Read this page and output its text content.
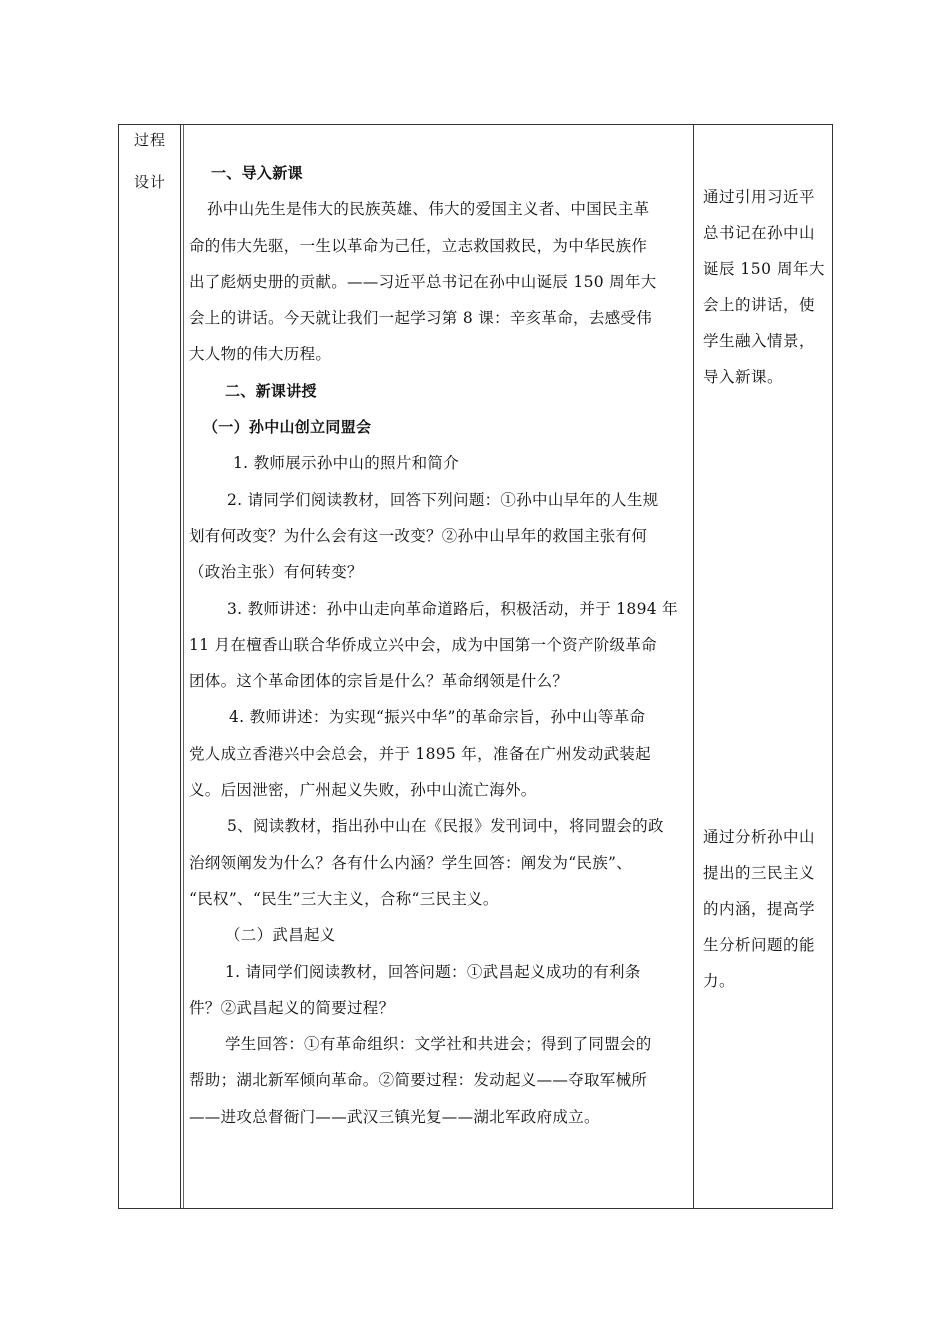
过程
设计	一、导入新课
孙中山先生是伟大的民族英雄、伟大的爱国主义者、中国民主革
命的伟大先驱，一生以革命为己任，立志救国救民，为中华民族作
出了彪炳史册的贡献。——习近平总书记在孙中山诞辰 150 周年大
会上的讲话。今天就让我们一起学习第 8 课：辛亥革命，去感受伟
大人物的伟大历程。
二、新课讲授
（一）孙中山创立同盟会
1. 教师展示孙中山的照片和简介
2. 请同学们阅读教材，回答下列问题：①孙中山早年的人生规
划有何改变？为什么会有这一改变？②孙中山早年的救国主张有何
（政治主张）有何转变？
3. 教师讲述：孙中山走向革命道路后，积极活动，并于 1894 年
11 月在檀香山联合华侨成立兴中会，成为中国第一个资产阶级革命
团体。这个革命团体的宗旨是什么？革命纲领是什么？
4. 教师讲述：为实现“振兴中华”的革命宗旨，孙中山等革命
党人成立香港兴中会总会，并于 1895 年，准备在广州发动武装起
义。后因泄密，广州起义失败，孙中山流亡海外。
5、阅读教材，指出孙中山在《民报》发刊词中，将同盟会的政
治纲领阐发为什么？各有什么内涵？学生回答：阐发为“民族”、
“民权”、“民生”三大主义，合称“三民主义。
（二）武昌起义
1. 请同学们阅读教材，回答问题：①武昌起义成功的有利条
件？②武昌起义的简要过程？
学生回答：①有革命组织：文学社和共进会；得到了同盟会的
帮助；湖北新军倾向革命。②简要过程：发动起义——夺取军械所
——进攻总督衙门——武汉三镇光复——湖北军政府成立。
通过引用习近平
总书记在孙中山
诞辰 150 周年大
会上的讲话，使
学生融入情景，
导入新课。
通过分析孙中山
提出的三民主义
的内涵，提高学
生分析问题的能
力。
